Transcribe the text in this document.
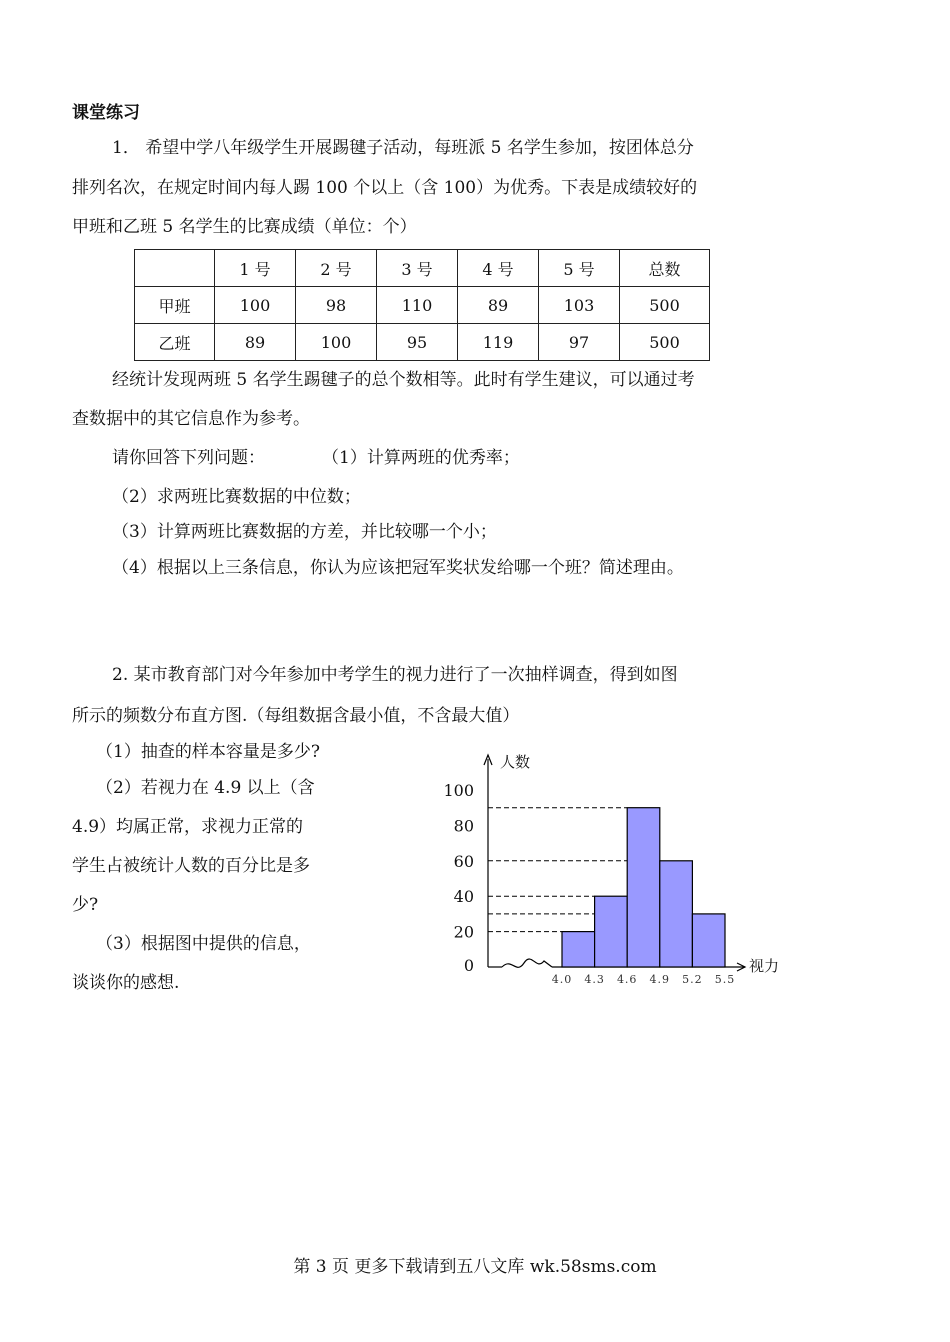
课堂练习
1． 希望中学八年级学生开展踢毽子活动，每班派 5 名学生参加，按团体总分
排列名次，在规定时间内每人踢 100 个以上（含 100）为优秀。下表是成绩较好的
甲班和乙班 5 名学生的比赛成绩（单位：个）
	1 号	2 号	3 号	4 号	5 号	总数
甲班	100	98	110	89	103	500
乙班	89	100	95	119	97	500
经统计发现两班 5 名学生踢毽子的总个数相等。此时有学生建议，可以通过考
查数据中的其它信息作为参考。
请你回答下列问题：	（1）计算两班的优秀率；
（2）求两班比赛数据的中位数；
（3）计算两班比赛数据的方差，并比较哪一个小；
（4）根据以上三条信息，你认为应该把冠军奖状发给哪一个班？简述理由。
2. 某市教育部门对今年参加中考学生的视力进行了一次抽样调查，得到如图
所示的频数分布直方图.（每组数据含最小值，不含最大值）
（1）抽查的样本容量是多少?
（2）若视力在 4.9 以上（含
4.9）均属正常，求视力正常的
学生占被统计人数的百分比是多
少?
（3）根据图中提供的信息，
谈谈你的感想.
0
20
40
60
80
100
4.0 4.3 4.6 4.9 5.2 5.5
人数
视力
第 3 页 更多下载请到五八文库 wk.58sms.com
